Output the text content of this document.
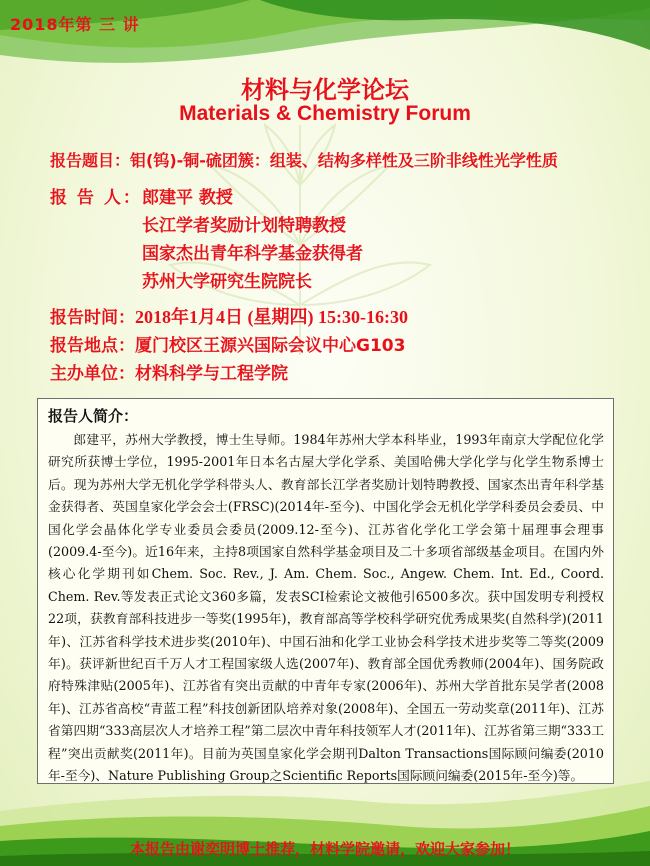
2018年第 三 讲
材料与化学论坛
Materials & Chemistry Forum
报告题目：钼(钨)-铜-硫团簇：组装、结构多样性及三阶非线性光学性质
报 告 人： 郎建平 教授
长江学者奖励计划特聘教授
国家杰出青年科学基金获得者
苏州大学研究生院院长
报告时间：2018年1月4日 (星期四) 15:30-16:30
报告地点：厦门校区王源兴国际会议中心G103
主办单位：材料科学与工程学院
报告人简介：

郎建平，苏州大学教授，博士生导师。1984年苏州大学本科毕业，1993年南京大学配位化学研究所获博士学位，1995-2001年日本名古屋大学化学系、美国哈佛大学化学与化学生物系博士后。现为苏州大学无机化学学科带头人、教育部长江学者奖励计划特聘教授、国家杰出青年科学基金获得者、英国皇家化学会会士(FRSC)(2014年-至今)、中国化学会无机化学学科委员会委员、中国化学会晶体化学专业委员会委员(2009.12-至今)、江苏省化学化工学会第十届理事会理事(2009.4-至今)。近16年来，主持8项国家自然科学基金项目及二十多项省部级基金项目。在国内外核心化学期刊如Chem. Soc. Rev., J. Am. Chem. Soc., Angew. Chem. Int. Ed., Coord. Chem. Rev.等发表正式论文360多篇，发表SCI检索论文被他引6500多次。获中国发明专利授权22项，获教育部科技进步一等奖(1995年)，教育部高等学校科学研究优秀成果奖(自然科学)(2011年)、江苏省科学技术进步奖(2010年)、中国石油和化学工业协会科学技术进步奖等二等奖(2009年)。获评新世纪百千万人才工程国家级人选(2007年)、教育部全国优秀教师(2004年)、国务院政府特殊津贴(2005年)、江苏省有突出贡献的中青年专家(2006年)、苏州大学首批东吴学者(2008年)、江苏省高校“青蓝工程”科技创新团队培养对象(2008年)、全国五一劳动奖章(2011年)、江苏省第四期“333高层次人才培养工程”第二层次中青年科技领军人才(2011年)、江苏省第三期“333工程”突出贡献奖(2011年)。目前为英国皇家化学会期刊Dalton Transactions国际顾问编委(2010年-至今)、Nature Publishing Group之Scientific Reports国际顾问编委(2015年-至今)等。

本报告由谢奕明博士推荐，材料学院邀请，欢迎大家参加！
